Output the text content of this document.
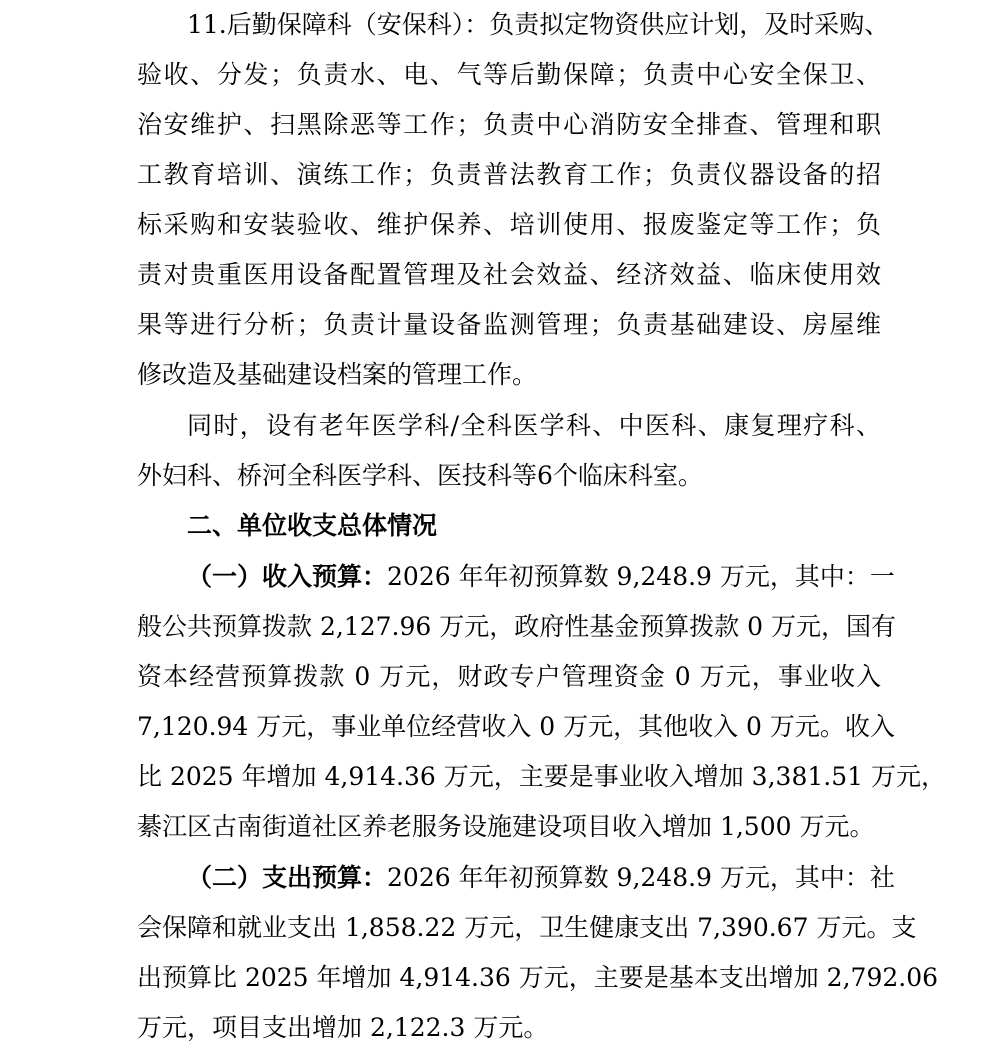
11.后勤保障科（安保科）：负责拟定物资供应计划，及时采购、
验收、分发；负责水、电、气等后勤保障；负责中心安全保卫、
治安维护、扫黑除恶等工作；负责中心消防安全排查、管理和职
工教育培训、演练工作；负责普法教育工作；负责仪器设备的招
标采购和安装验收、维护保养、培训使用、报废鉴定等工作；负
责对贵重医用设备配置管理及社会效益、经济效益、临床使用效
果等进行分析；负责计量设备监测管理；负责基础建设、房屋维
修改造及基础建设档案的管理工作。
同时，设有老年医学科/全科医学科、中医科、康复理疗科、
外妇科、桥河全科医学科、医技科等6个临床科室。
二、单位收支总体情况
（一）收入预算：2026 年年初预算数 9,248.9 万元，其中：一
般公共预算拨款 2,127.96 万元，政府性基金预算拨款 0 万元，国有
资本经营预算拨款 0 万元，财政专户管理资金 0 万元，事业收入
7,120.94 万元，事业单位经营收入 0 万元，其他收入 0 万元。收入
比 2025 年增加 4,914.36 万元，主要是事业收入增加 3,381.51 万元，
綦江区古南街道社区养老服务设施建设项目收入增加 1,500 万元。
（二）支出预算：2026 年年初预算数 9,248.9 万元，其中：社
会保障和就业支出 1,858.22 万元，卫生健康支出 7,390.67 万元。支
出预算比 2025 年增加 4,914.36 万元，主要是基本支出增加 2,792.06
万元，项目支出增加 2,122.3 万元。
